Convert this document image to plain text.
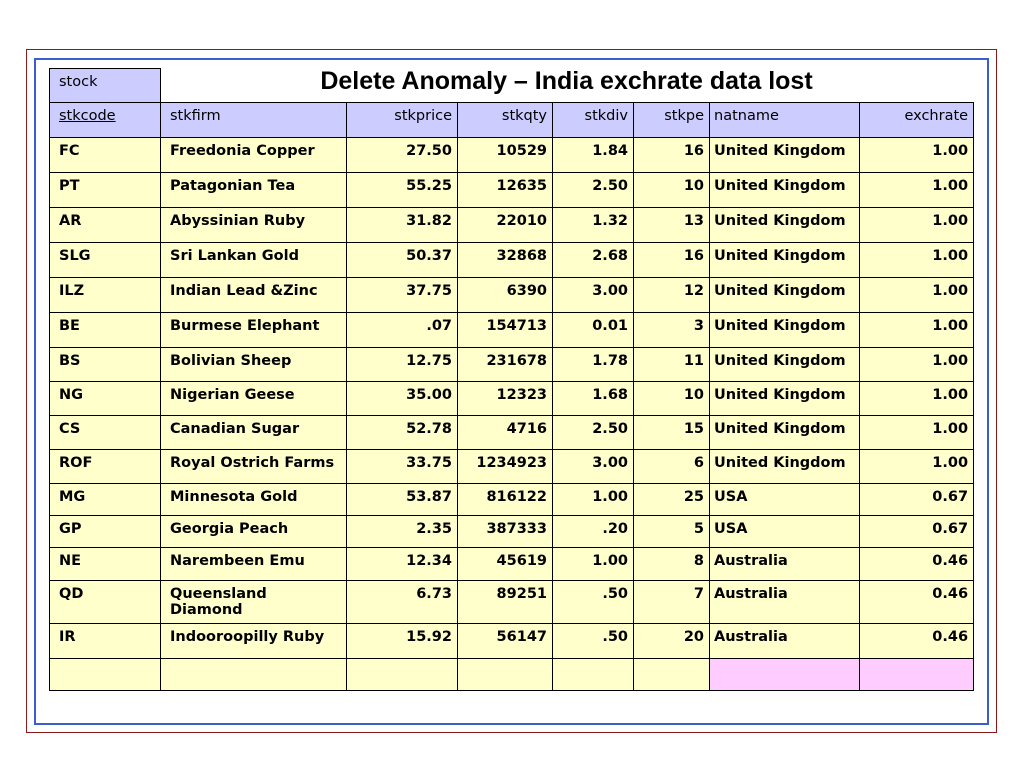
Delete Anomaly – India exchrate data lost
stock							
stkcode	stkfirm	stkprice	stkqty	stkdiv	stkpe	natname	exchrate
FC	Freedonia Copper	27.50	10529	1.84	16	United Kingdom	1.00
PT	Patagonian Tea	55.25	12635	2.50	10	United Kingdom	1.00
AR	Abyssinian Ruby	31.82	22010	1.32	13	United Kingdom	1.00
SLG	Sri Lankan Gold	50.37	32868	2.68	16	United Kingdom	1.00
ILZ	Indian Lead &Zinc	37.75	6390	3.00	12	United Kingdom	1.00
BE	Burmese Elephant	.07	154713	0.01	3	United Kingdom	1.00
BS	Bolivian Sheep	12.75	231678	1.78	11	United Kingdom	1.00
NG	Nigerian Geese	35.00	12323	1.68	10	United Kingdom	1.00
CS	Canadian Sugar	52.78	4716	2.50	15	United Kingdom	1.00
ROF	Royal Ostrich Farms	33.75	1234923	3.00	6	United Kingdom	1.00
MG	Minnesota Gold	53.87	816122	1.00	25	USA	0.67
GP	Georgia Peach	2.35	387333	.20	5	USA	0.67
NE	Narembeen Emu	12.34	45619	1.00	8	Australia	0.46
QD	Queensland Diamond	6.73	89251	.50	7	Australia	0.46
IR	Indooroopilly Ruby	15.92	56147	.50	20	Australia	0.46
